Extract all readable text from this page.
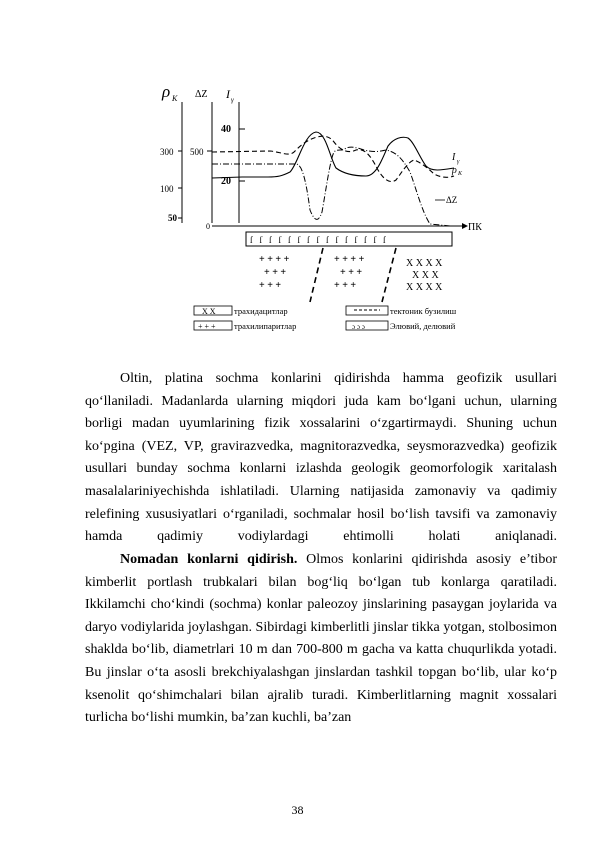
ρ К ΔZ I γ
300
100
50
500
40
20
0	ПК
I γ
ρ К
ΔZ
ſſſſſſſſſſſſſſſ
+ + + +
+ + +
+ + +
+ + + +
+ + +
+ + +
X X X X
X X X
X X X X
X X трахидацитлар
+ + + трахилипаритлар
тектоник бузилиш
ɔ ɔ ɔ	Элювий, делювий

Oltin, platina sochma konlarini qidirishda hamma geofizik usullari qo‘llaniladi. Madanlarda ularning miqdori juda kam bo‘lgani uchun, ularning borligi madan uyumlarining fizik xossalarini o‘zgartirmaydi. Shuning uchun ko‘pgina (VEZ, VP, gravirazvedka, magnitorazvedka, seysmorazvedka) geofizik usullari bunday sochma konlarni izlashda geologik geomorfologik xaritalash masalalariniyechishda ishlatiladi. Ularning natijasida zamonaviy va qadimiy relefining xususiyatlari o‘rganiladi, sochmalar hosil bo‘lish tavsifi va zamonaviy hamda qadimiy vodiylardagi ehtimolli holati aniqlanadi.

Nomadan konlarni qidirish. Olmos konlarini qidirishda asosiy e’tibor kimberlit portlash trubkalari bilan bog‘liq bo‘lgan tub konlarga qaratiladi. Ikkilamchi cho‘kindi (sochma) konlar paleozoy jinslarining pasaygan joylarida va daryo vodiylarida joylashgan. Sibirdagi kimberlitli jinslar tikka yotgan, stolbosimon shaklda bo‘lib, diametrlari 10 m dan 700-800 m gacha va katta chuqurlikda yotadi. Bu jinslar o‘ta asosli brekchiyalashgan jinslardan tashkil topgan bo‘lib, ular ko‘p ksenolit qo‘shimchalari bilan ajralib turadi. Kimberlitlarning magnit xossalari turlicha bo‘lishi mumkin, ba’zan kuchli, ba’zan

38
